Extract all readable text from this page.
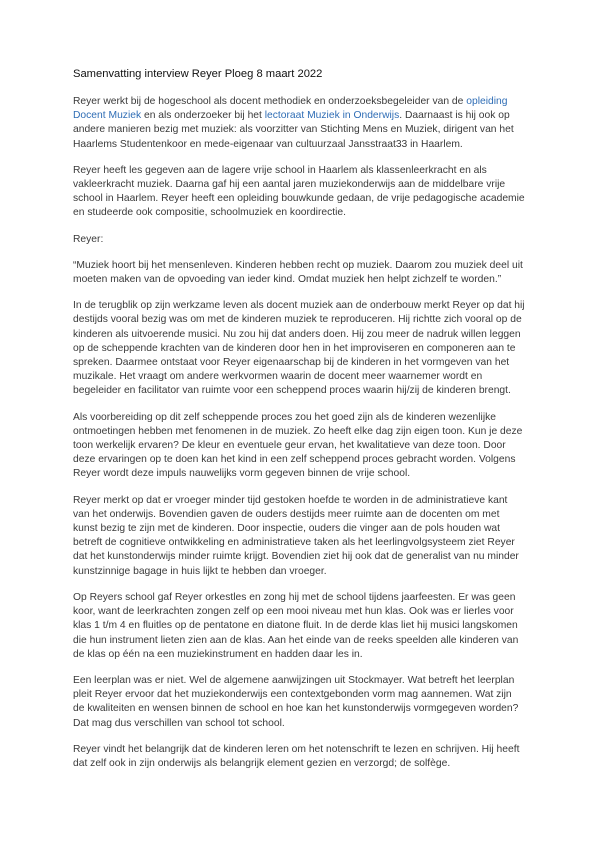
Samenvatting interview Reyer Ploeg 8 maart 2022

Reyer werkt bij de hogeschool als docent methodiek en onderzoeksbegeleider van de opleiding Docent Muziek en als onderzoeker bij het lectoraat Muziek in Onderwijs. Daarnaast is hij ook op andere manieren bezig met muziek: als voorzitter van Stichting Mens en Muziek, dirigent van het Haarlems Studentenkoor en mede-eigenaar van cultuurzaal Jansstraat33 in Haarlem.

Reyer heeft les gegeven aan de lagere vrije school in Haarlem als klassenleerkracht en als vakleerkracht muziek. Daarna gaf hij een aantal jaren muziekonderwijs aan de middelbare vrije school in Haarlem. Reyer heeft een opleiding bouwkunde gedaan, de vrije pedagogische academie en studeerde ook compositie, schoolmuziek en koordirectie.

Reyer:

“Muziek hoort bij het mensenleven. Kinderen hebben recht op muziek. Daarom zou muziek deel uit moeten maken van de opvoeding van ieder kind. Omdat muziek hen helpt zichzelf te worden.”

In de terugblik op zijn werkzame leven als docent muziek aan de onderbouw merkt Reyer op dat hij destijds vooral bezig was om met de kinderen muziek te reproduceren. Hij richtte zich vooral op de kinderen als uitvoerende musici. Nu zou hij dat anders doen. Hij zou meer de nadruk willen leggen op de scheppende krachten van de kinderen door hen in het improviseren en componeren aan te spreken. Daarmee ontstaat voor Reyer eigenaarschap bij de kinderen in het vormgeven van het muzikale. Het vraagt om andere werkvormen waarin de docent meer waarnemer wordt en begeleider en facilitator van ruimte voor een scheppend proces waarin hij/zij de kinderen brengt.

Als voorbereiding op dit zelf scheppende proces zou het goed zijn als de kinderen wezenlijke ontmoetingen hebben met fenomenen in de muziek. Zo heeft elke dag zijn eigen toon. Kun je deze toon werkelijk ervaren? De kleur en eventuele geur ervan, het kwalitatieve van deze toon. Door deze ervaringen op te doen kan het kind in een zelf scheppend proces gebracht worden. Volgens Reyer wordt deze impuls nauwelijks vorm gegeven binnen de vrije school.

Reyer merkt op dat er vroeger minder tijd gestoken hoefde te worden in de administratieve kant van het onderwijs. Bovendien gaven de ouders destijds meer ruimte aan de docenten om met kunst bezig te zijn met de kinderen. Door inspectie, ouders die vinger aan de pols houden wat betreft de cognitieve ontwikkeling en administratieve taken als het leerlingvolgsysteem ziet Reyer dat het kunstonderwijs minder ruimte krijgt. Bovendien ziet hij ook dat de generalist van nu minder kunstzinnige bagage in huis lijkt te hebben dan vroeger.

Op Reyers school gaf Reyer orkestles en zong hij met de school tijdens jaarfeesten. Er was geen koor, want de leerkrachten zongen zelf op een mooi niveau met hun klas. Ook was er lierles voor klas 1 t/m 4 en fluitles op de pentatone en diatone fluit. In de derde klas liet hij musici langskomen die hun instrument lieten zien aan de klas. Aan het einde van de reeks speelden alle kinderen van de klas op één na een muziekinstrument en hadden daar les in.

Een leerplan was er niet. Wel de algemene aanwijzingen uit Stockmayer. Wat betreft het leerplan pleit Reyer ervoor dat het muziekonderwijs een contextgebonden vorm mag aannemen. Wat zijn de kwaliteiten en wensen binnen de school en hoe kan het kunstonderwijs vormgegeven worden? Dat mag dus verschillen van school tot school.

Reyer vindt het belangrijk dat de kinderen leren om het notenschrift te lezen en schrijven. Hij heeft dat zelf ook in zijn onderwijs als belangrijk element gezien en verzorgd; de solfège.
